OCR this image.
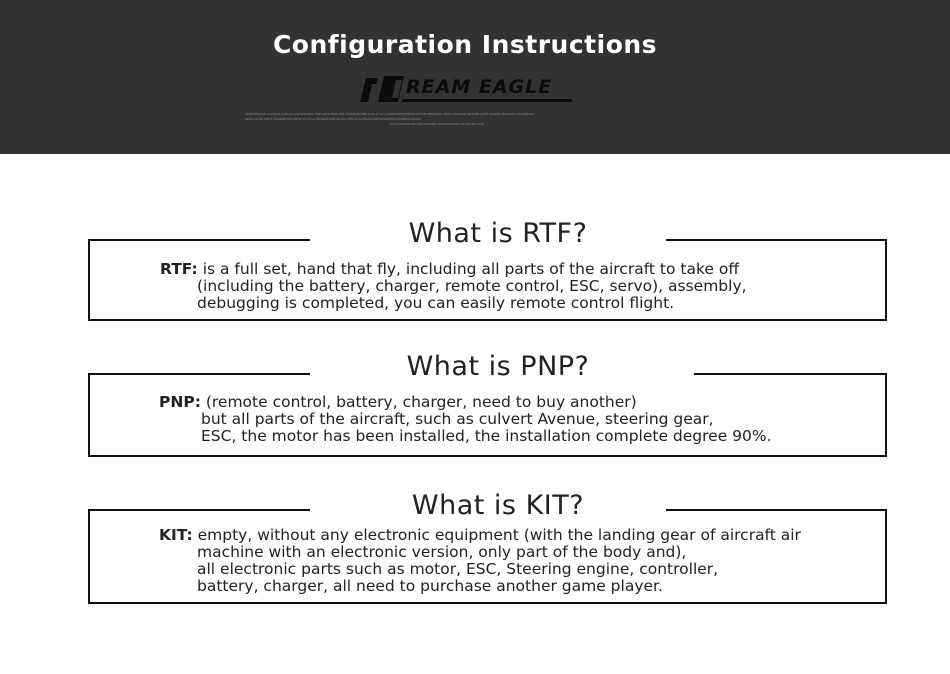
Configuration Instructions
REAM EAGLE
TROPHESSIAP AACEIAP AAEAGP AACSPSAMISI PNP ACCS PASS EPK PCBINSBAPPAI ROG IP 20Y ASSECSWM PHERECWTOB SPENSEAG PPOG PCCIOOX PRSORP JAOIP AACIEIP PACOSSP AACSEIP IO
RACH JAYOK AOILT PRAORIP PAYLINTN CA M AA HJLGGNI JA8CPR RCV PISTOLSAYPAAAASESCOAOASOSSCENHAOOSSIA
JACIP AAC181 PACOSP AACSEIP ZOOCOCICXPS SP OC18P 5OIP
What is RTF?
RTF: is a full set, hand that fly, including all parts of the aircraft to take off
(including the battery, charger, remote control, ESC, servo), assembly,
debugging is completed, you can easily remote control flight.
What is PNP?
PNP: (remote control, battery, charger, need to buy another)
but all parts of the aircraft, such as culvert Avenue, steering gear,
ESC, the motor has been installed, the installation complete degree 90%.
What is KIT?
KIT: empty, without any electronic equipment (with the landing gear of aircraft air
machine with an electronic version, only part of the body and),
all electronic parts such as motor, ESC, Steering engine, controller,
battery, charger, all need to purchase another game player.
